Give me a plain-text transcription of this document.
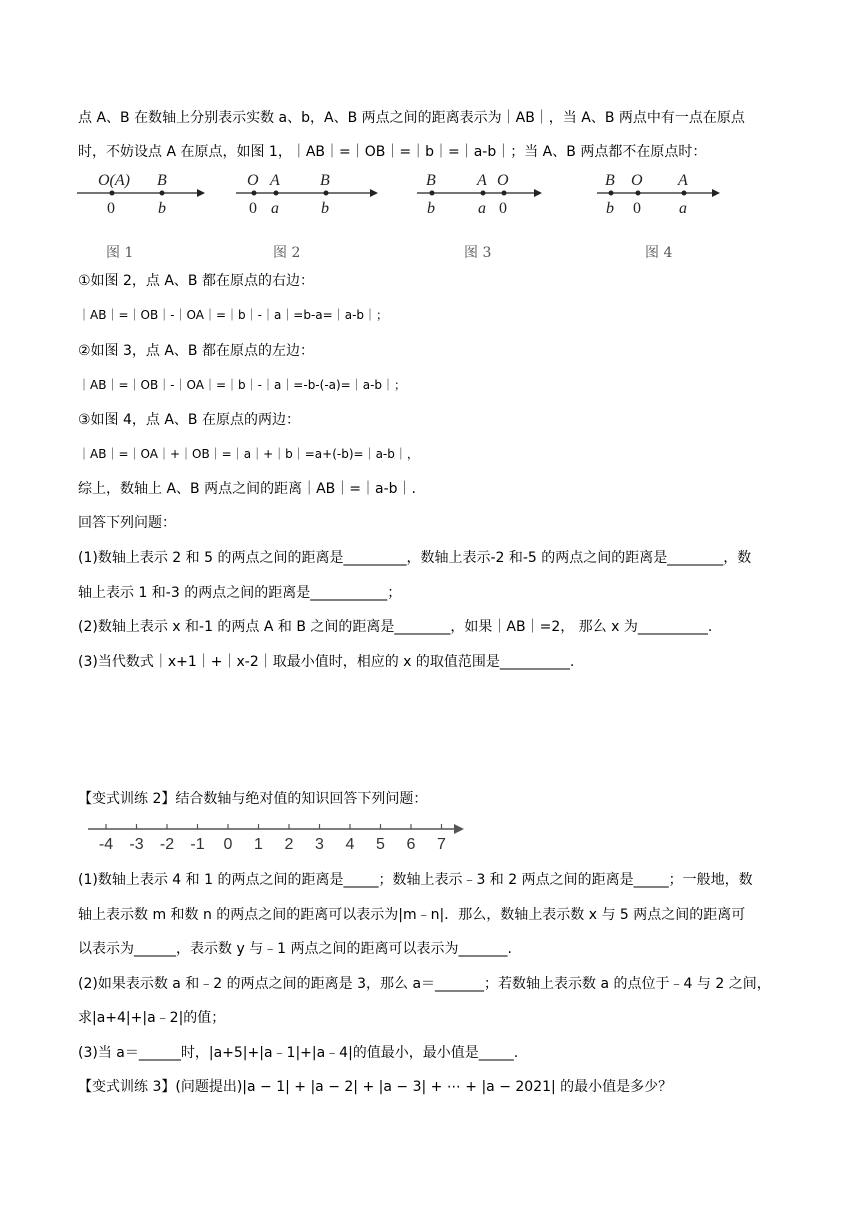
点 A、B 在数轴上分别表示实数 a、b，A、B 两点之间的距离表示为｜AB｜，当 A、B 两点中有一点在原点
时，不妨设点 A 在原点，如图 1，｜AB｜=｜OB｜=｜b｜=｜a-b｜；当 A、B 两点都不在原点时：
O(A) B
0	b
O A	B
0 a	b
B	A O
b	a 0
B O A
b 0 a
图 1	图 2	图 3	图 4
①如图 2，点 A、B 都在原点的右边：
｜AB｜=｜OB｜-｜OA｜=｜b｜-｜a｜=b-a=｜a-b｜；
②如图 3，点 A、B 都在原点的左边：
｜AB｜=｜OB｜-｜OA｜=｜b｜-｜a｜=-b-(-a)=｜a-b｜；
③如图 4，点 A、B 在原点的两边：
｜AB｜=｜OA｜+｜OB｜=｜a｜+｜b｜=a+(-b)=｜a-b｜，
综上，数轴上 A、B 两点之间的距离｜AB｜=｜a-b｜.
回答下列问题：
(1)数轴上表示 2 和 5 的两点之间的距离是_________，数轴上表示-2 和-5 的两点之间的距离是________，数
轴上表示 1 和-3 的两点之间的距离是___________；
(2)数轴上表示 x 和-1 的两点 A 和 B 之间的距离是________，如果｜AB｜=2， 那么 x 为__________.
(3)当代数式｜x+1｜+｜x-2｜取最小值时，相应的 x 的取值范围是__________.
【变式训练 2】结合数轴与绝对值的知识回答下列问题：
-4 -3 -2 -1 0 1 2 3 4 5 6 7
(1)数轴上表示 4 和 1 的两点之间的距离是_____；数轴上表示﹣3 和 2 两点之间的距离是_____；一般地，数
轴上表示数 m 和数 n 的两点之间的距离可以表示为|m﹣n|．那么，数轴上表示数 x 与 5 两点之间的距离可
以表示为______，表示数 y 与﹣1 两点之间的距离可以表示为_______.
(2)如果表示数 a 和﹣2 的两点之间的距离是 3，那么 a＝_______；若数轴上表示数 a 的点位于﹣4 与 2 之间，
求|a+4|+|a﹣2|的值；
(3)当 a＝______时，|a+5|+|a﹣1|+|a﹣4|的值最小，最小值是_____.
【变式训练 3】(问题提出)|a − 1| + |a − 2| + |a − 3| + ⋯ + |a − 2021| 的最小值是多少？
